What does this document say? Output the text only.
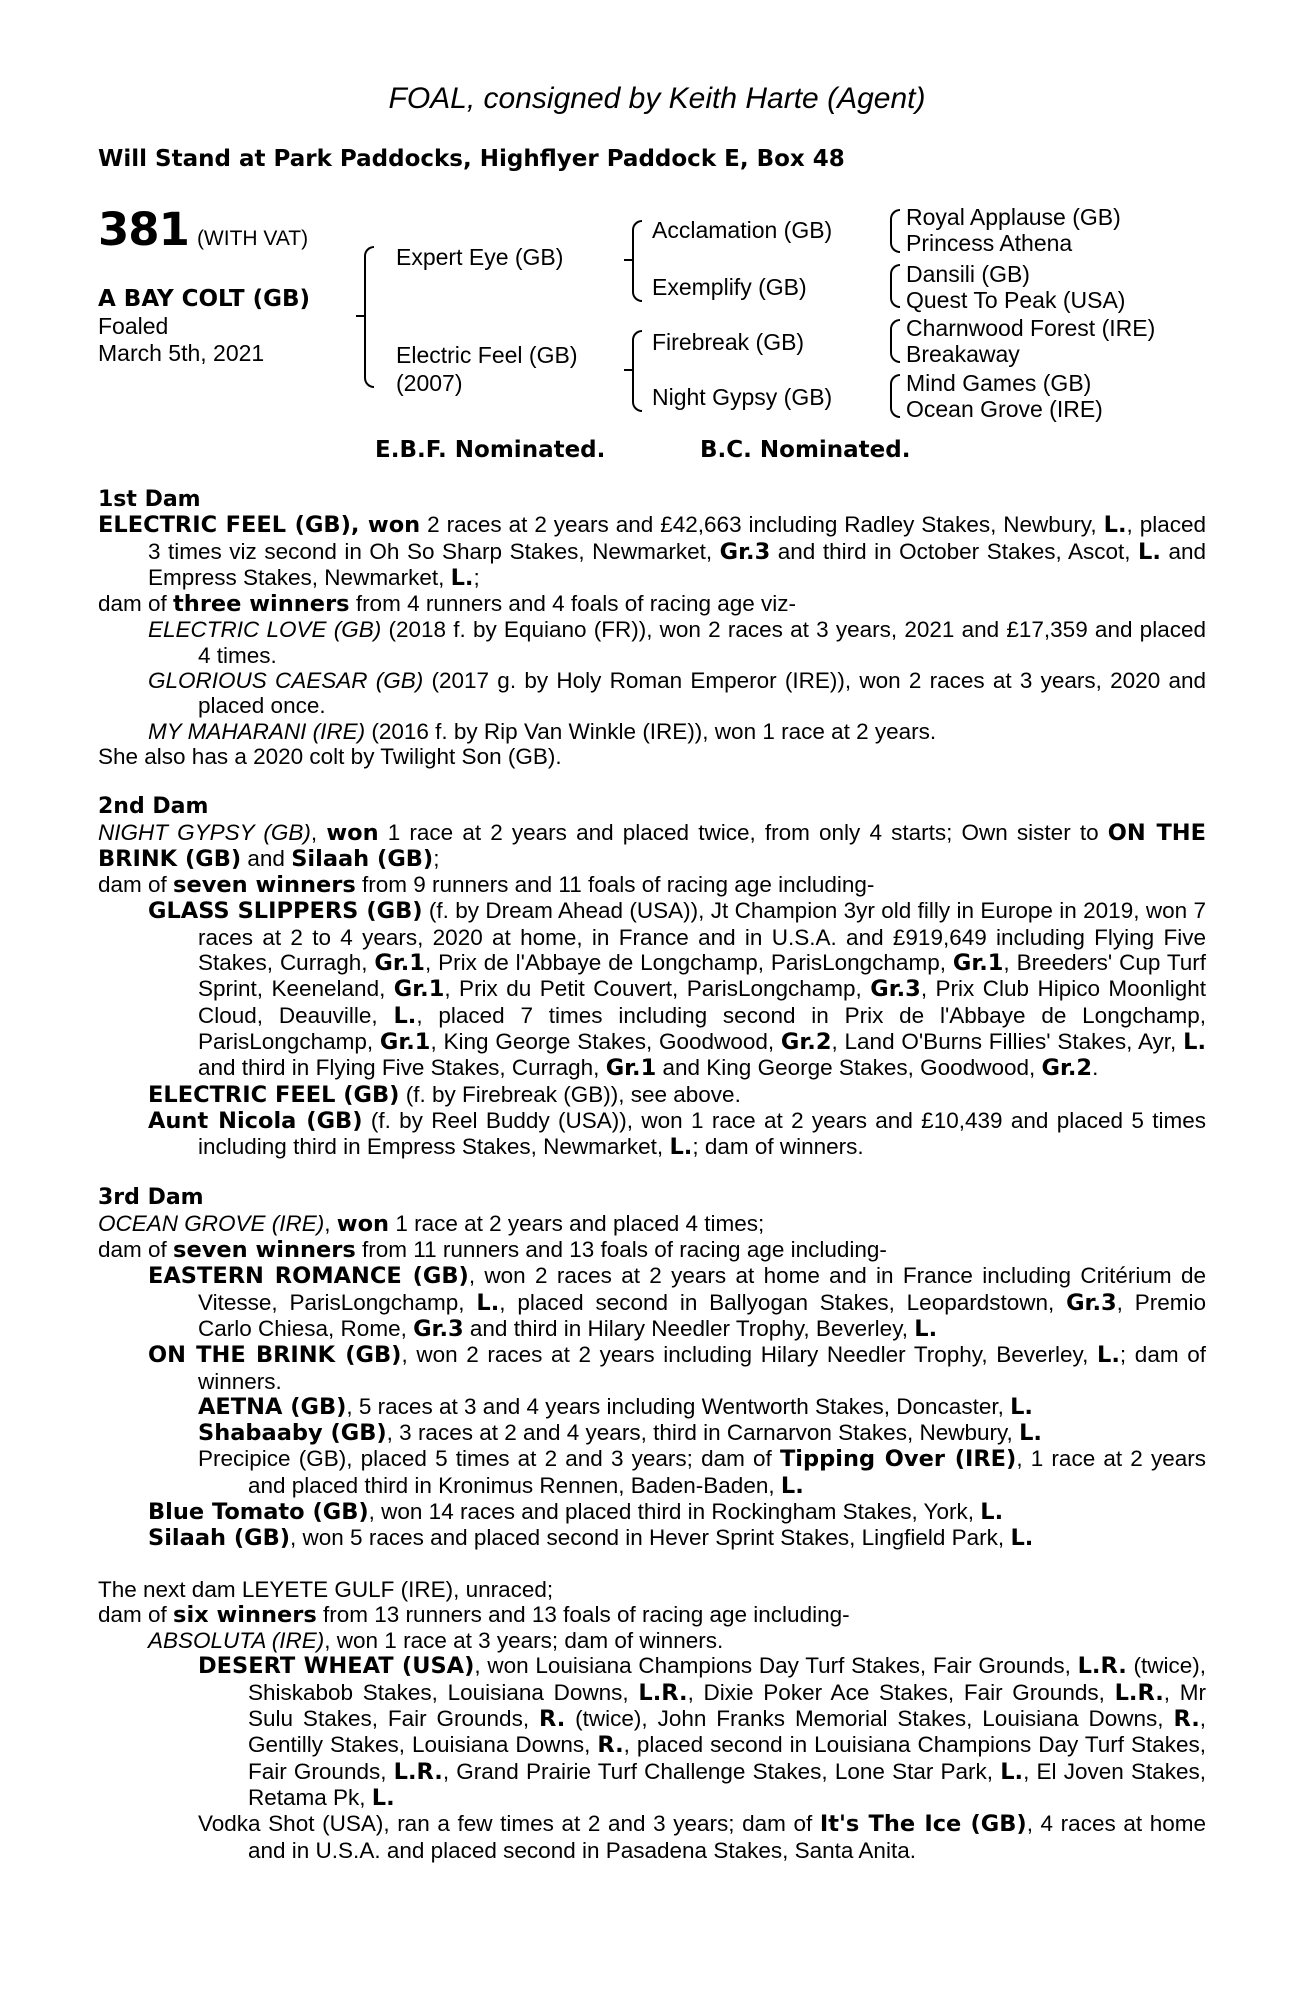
FOAL, consigned by Keith Harte (Agent)
Will Stand at Park Paddocks, Highflyer Paddock E, Box 48
381 (WITH VAT)
A BAY COLT (GB)
Foaled
March 5th, 2021
Expert Eye (GB)
Electric Feel (GB)
(2007)
Acclamation (GB)
Exemplify (GB)
Firebreak (GB)
Night Gypsy (GB)
Royal Applause (GB)
Princess Athena
Dansili (GB)
Quest To Peak (USA)
Charnwood Forest (IRE)
Breakaway
Mind Games (GB)
Ocean Grove (IRE)
E.B.F. Nominated.	B.C. Nominated.
1st Dam
ELECTRIC FEEL (GB), won 2 races at 2 years and £42,663 including Radley Stakes, Newbury, L., placed 3 times viz second in Oh So Sharp Stakes, Newmarket, Gr.3 and third in October Stakes, Ascot, L. and Empress Stakes, Newmarket, L.;
dam of three winners from 4 runners and 4 foals of racing age viz-
ELECTRIC LOVE (GB) (2018 f. by Equiano (FR)), won 2 races at 3 years, 2021 and £17,359 and placed 4 times.
GLORIOUS CAESAR (GB) (2017 g. by Holy Roman Emperor (IRE)), won 2 races at 3 years, 2020 and placed once.
MY MAHARANI (IRE) (2016 f. by Rip Van Winkle (IRE)), won 1 race at 2 years.
She also has a 2020 colt by Twilight Son (GB).
2nd Dam
NIGHT GYPSY (GB), won 1 race at 2 years and placed twice, from only 4 starts; Own sister to ON THE BRINK (GB) and Silaah (GB);
dam of seven winners from 9 runners and 11 foals of racing age including-
GLASS SLIPPERS (GB) (f. by Dream Ahead (USA)), Jt Champion 3yr old filly in Europe in 2019, won 7 races at 2 to 4 years, 2020 at home, in France and in U.S.A. and £919,649 including Flying Five Stakes, Curragh, Gr.1, Prix de l'Abbaye de Longchamp, ParisLongchamp, Gr.1, Breeders' Cup Turf Sprint, Keeneland, Gr.1, Prix du Petit Couvert, ParisLongchamp, Gr.3, Prix Club Hipico Moonlight Cloud, Deauville, L., placed 7 times including second in Prix de l'Abbaye de Longchamp, ParisLongchamp, Gr.1, King George Stakes, Goodwood, Gr.2, Land O'Burns Fillies' Stakes, Ayr, L. and third in Flying Five Stakes, Curragh, Gr.1 and King George Stakes, Goodwood, Gr.2.
ELECTRIC FEEL (GB) (f. by Firebreak (GB)), see above.
Aunt Nicola (GB) (f. by Reel Buddy (USA)), won 1 race at 2 years and £10,439 and placed 5 times including third in Empress Stakes, Newmarket, L.; dam of winners.
3rd Dam
OCEAN GROVE (IRE), won 1 race at 2 years and placed 4 times;
dam of seven winners from 11 runners and 13 foals of racing age including-
EASTERN ROMANCE (GB), won 2 races at 2 years at home and in France including Critérium de Vitesse, ParisLongchamp, L., placed second in Ballyogan Stakes, Leopardstown, Gr.3, Premio Carlo Chiesa, Rome, Gr.3 and third in Hilary Needler Trophy, Beverley, L.
ON THE BRINK (GB), won 2 races at 2 years including Hilary Needler Trophy, Beverley, L.; dam of winners.
AETNA (GB), 5 races at 3 and 4 years including Wentworth Stakes, Doncaster, L.
Shabaaby (GB), 3 races at 2 and 4 years, third in Carnarvon Stakes, Newbury, L.
Precipice (GB), placed 5 times at 2 and 3 years; dam of Tipping Over (IRE), 1 race at 2 years and placed third in Kronimus Rennen, Baden-Baden, L.
Blue Tomato (GB), won 14 races and placed third in Rockingham Stakes, York, L.
Silaah (GB), won 5 races and placed second in Hever Sprint Stakes, Lingfield Park, L.
The next dam LEYETE GULF (IRE), unraced;
dam of six winners from 13 runners and 13 foals of racing age including-
ABSOLUTA (IRE), won 1 race at 3 years; dam of winners.
DESERT WHEAT (USA), won Louisiana Champions Day Turf Stakes, Fair Grounds, L.R. (twice), Shiskabob Stakes, Louisiana Downs, L.R., Dixie Poker Ace Stakes, Fair Grounds, L.R., Mr Sulu Stakes, Fair Grounds, R. (twice), John Franks Memorial Stakes, Louisiana Downs, R., Gentilly Stakes, Louisiana Downs, R., placed second in Louisiana Champions Day Turf Stakes, Fair Grounds, L.R., Grand Prairie Turf Challenge Stakes, Lone Star Park, L., El Joven Stakes, Retama Pk, L.
Vodka Shot (USA), ran a few times at 2 and 3 years; dam of It's The Ice (GB), 4 races at home and in U.S.A. and placed second in Pasadena Stakes, Santa Anita.
